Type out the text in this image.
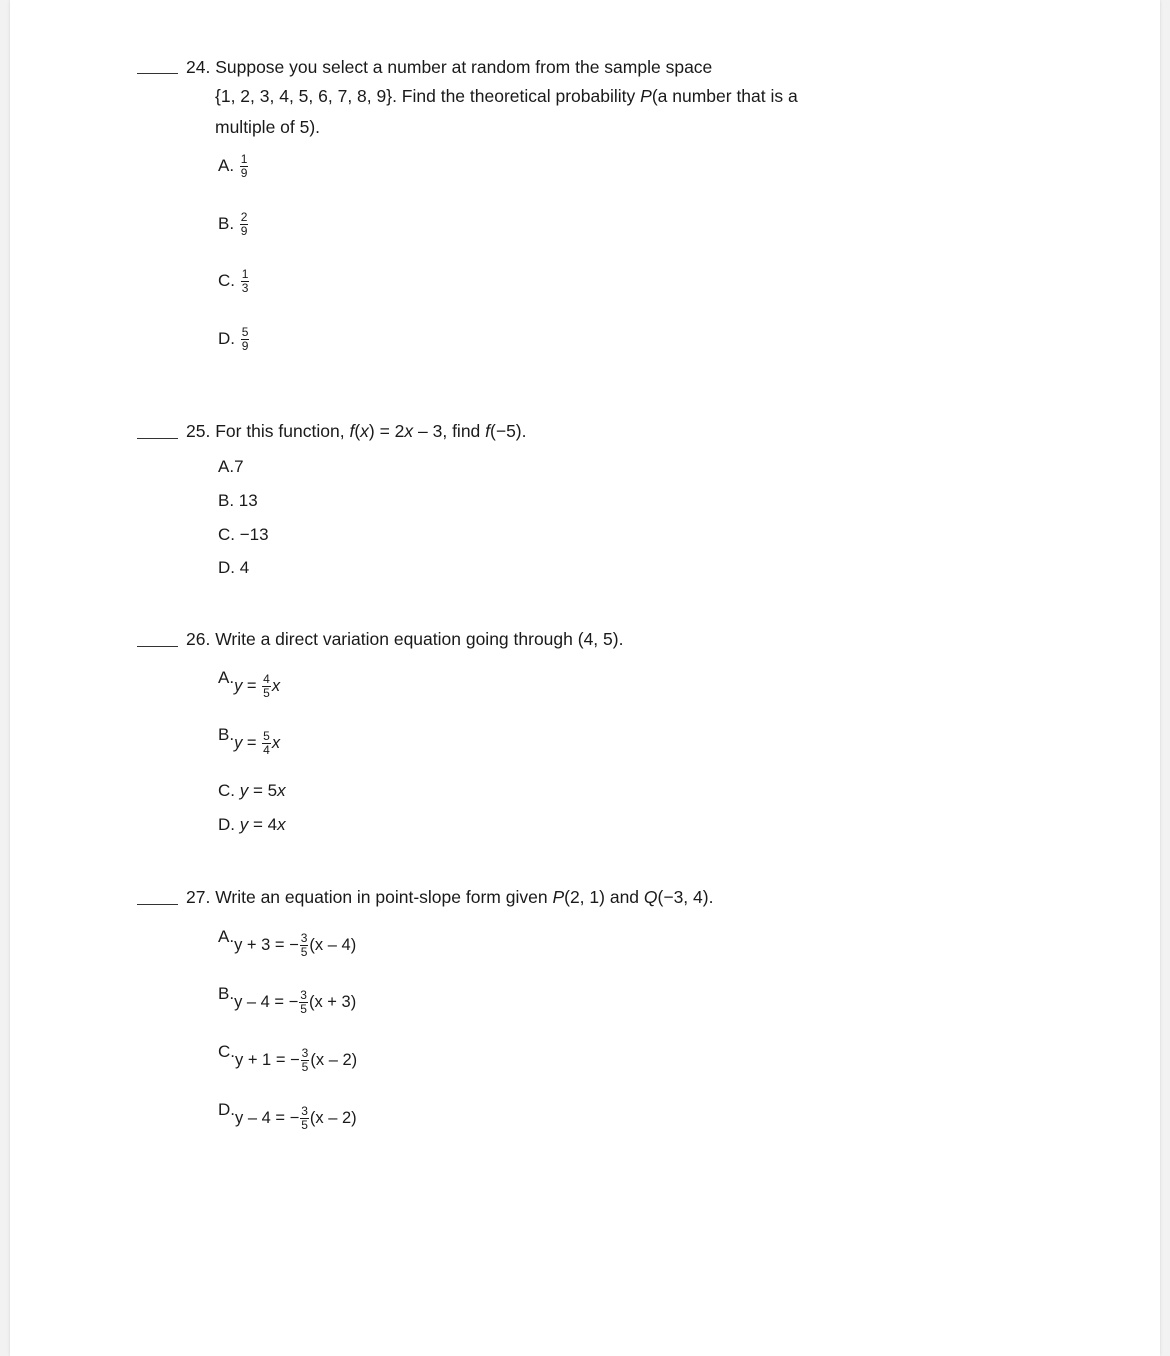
24. Suppose you select a number at random from the sample space
{1, 2, 3, 4, 5, 6, 7, 8, 9}. Find the theoretical probability P(a number that is a
multiple of 5).
A. $\frac{1}{9}$
B. $\frac{2}{9}$
C. $\frac{1}{3}$
D. $\frac{5}{9}$
25. For this function, f(x) = 2x – 3, find f(−5).
A.7
B. 13
C. −13
D. 4
26. Write a direct variation equation going through (4, 5).
$A.y = \frac{4}{5}$ x
$B.y = \frac{5}{4}$ x
C. y = 5x
D. y = 4x
27. Write an equation in point-slope form given P(2, 1) and Q(−3, 4).
A.y + 3 = − $\frac{3}{5} (x - 4)$
B.y – 4 = − $\frac{3}{5} (x + 3)$
C.y + 1 = − $\frac{3}{5} (x - 2)$
D.y – 4 = − $\frac{3}{5} (x - 2)$
